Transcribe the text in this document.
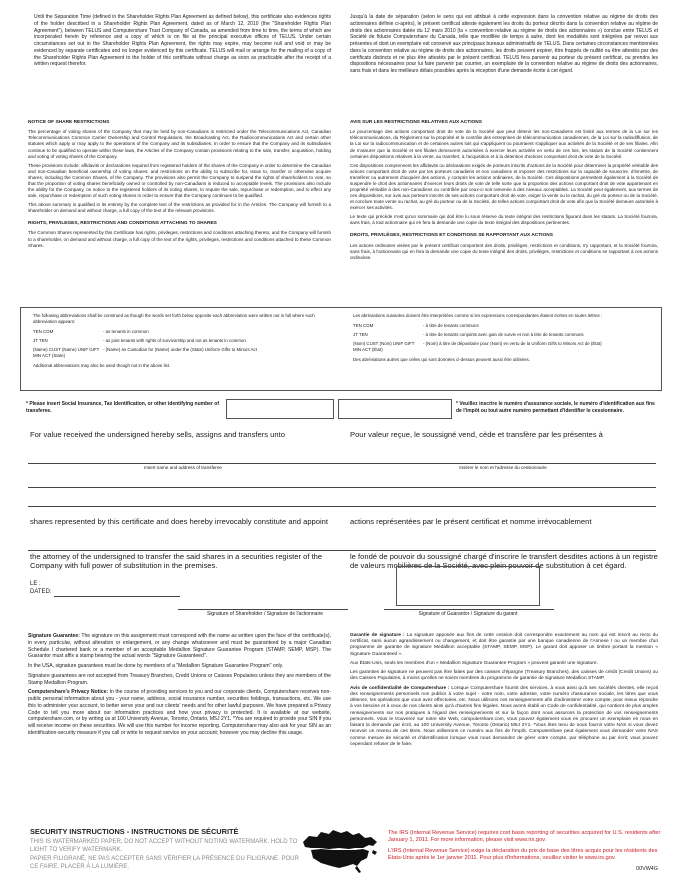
Until the Separation Time (defined in the Shareholder Rights Plan Agreement as defined below), this certificate also evidences rights of the holder described in a Shareholder Rights Plan Agreement, dated as of March 12, 2010 (the "Shareholder Rights Plan Agreement"), between TELUS and Computershare Trust Company of Canada, as amended from time to time, the terms of which are incorporated herein by reference and a copy of which is on file at the principal executive offices of TELUS. Under certain circumstances set out in the Shareholder Rights Plan Agreement, the rights may expire, may become null and void or may be evidenced by separate certificates and no longer evidenced by this certificate. TELUS will mail or arrange for the mailing of a copy of the Shareholder Rights Plan Agreement to the holder of this certificate without charge as soon as practicable after the receipt of a written request therefor.

Jusqu'à la date de séparation (selon le sens qui est attribué à cette expression dans la convention relative au régime de droits des actionnaires définie ci-après), le présent certificat atteste également les droits du porteur décrits dans la convention relative au régime de droits des actionnaires datée du 12 mars 2010 (la « convention relative au régime de droits des actionnaires ») conclue entre TELUS et Société de fiducie Computershare du Canada, telle que modifiée de temps à autre, dont les modalités sont intégrées par renvoi aux présentes et dont un exemplaire est conservé aux principaux bureaux administratifs de TELUS. Dans certaines circonstances mentionnées dans la convention relative au régime de droits des actionnaires, les droits peuvent expirer, être frappés de nullité ou être attestés par des certificats distincts et ne plus être attestés par le présent certificat. TELUS fera parvenir au porteur du présent certificat, ou prendra les dispositions nécessaires pour lui faire parvenir par courrier, un exemplaire de la convention relative au régime de droits des actionnaires, sans frais et dans les meilleurs délais possibles après la réception d'une demande écrite à cet égard.

NOTICE OF SHARE RESTRICTIONS

The percentage of voting shares of the Company that may be held by non-Canadians is restricted under the Telecommunications Act, Canadian Telecommunications Common Carrier Ownership and Control Regulations, the Broadcasting Act, the Radiocommunications Act and certain other statutes which apply or may apply to the operations of the Company and its subsidiaries. In order to ensure that the Company and its subsidiaries continue to be qualified to operate within these laws, the Articles of the Company contain provisions relating to the sale, transfer, acquisition, holding and voting of voting shares of the Company.

These provisions include: affidavits or declarations required from registered holders of the shares of the Company in order to determine the Canadian and non-Canadian beneficial ownership of voting shares; and restrictions on the ability to subscribe for, issue to, transfer or otherwise acquire shares, including the Common Shares, of the Company. The provisions also permit the Company to suspend the rights of shareholders to vote, so that the proportion of voting shares beneficially owned or controlled by non-Canadians is reduced to acceptable levels. The provisions also include the ability for the Company, on notice to the registered holders of its voting shares, to require the sale, repurchase or redemption, and to effect any sale, repurchase or redemption of such voting shares in order to ensure that the Company continues to be qualified.

This above summary is qualified in its entirety by the complete text of the restrictions as provided for in the Articles. The Company will furnish to a shareholder on demand and without charge, a full copy of the text of the relevant provisions.

RIGHTS, PRIVILEGES, RESTRICTIONS AND CONDITIONS ATTACHING TO SHARES

The Common Shares represented by this Certificate has rights, privileges, restrictions and conditions attaching thereto, and the Company will furnish to a shareholder, on demand and without charge, a full copy of the text of the rights, privileges, restrictions and conditions attached to these Common Shares.

AVIS SUR LES RESTRICTIONS RELATIVES AUX ACTIONS

Le pourcentage des actions comportant droit de vote de la Société que peut détenir les non-Canadiens est limité aux termes de la Loi sur les télécommunications, du Règlement sur la propriété et le contrôle des entreprises de télécommunication canadiennes, de la Loi sur la radiodiffusion, de la Loi sur la radiocommunication et de certaines autres lois qui s'appliquent ou pourraient s'appliquer aux activités de la Société et de ses filiales. Afin de s'assurer que la Société et ses filiales demeurent autorisées à exercer leurs activités en vertu de ces lois, les statuts de la Société contiennent certaines dispositions relatives à la vente, au transfert, à l'acquisition et à la détention d'actions comportant droit de vote de la Société.

Ces dispositions comprennent les affidavits ou déclarations exigés de porteurs inscrits d'actions de la Société pour déterminer la propriété véritable des actions comportant droit de vote par les porteurs canadiens et non canadiens et imposer des restrictions sur la capacité de souscrire, d'émettre, de transférer ou autrement d'acquérir des actions, y compris les actions ordinaires, de la Société. Ces dispositions permettent également à la Société de suspendre le droit des actionnaires d'exercer leurs droits de vote de telle sorte que la proportion des actions comportant droit de vote appartenant en propriété véritable à des non-Canadiens ou contrôlée par ceux-ci soit ramenée à des niveaux acceptables. La Société peut également, aux termes de ces dispositions, sur avis aux porteurs inscrits de ses actions comportant droit de vote, exiger la vente ou le rachat, du gré du porteur ou de la Société, et conclure toute vente ou rachat, au gré du porteur ou de la Société, de telles actions comportant droit de vote afin que la Société demeure autorisée à exercer ses activités.

Le texte qui précède n'est qu'un sommaire qui doit être lu sous réserve du texte intégral des restrictions figurant dans les statuts. La Société fournira, sans frais, à tout actionnaire qui en fera la demande une copie du texte intégral des dispositions pertinentes.

DROITS, PRIVILÈGES, RESTRICTIONS ET CONDITIONS SE RAPPORTANT AUX ACTIONS

Les actions ordinaires visées par le présent certificat comportent des droits, privilèges, restrictions et conditions, s'y rapportant, et la Société fournira, sans frais, à l'actionnaire qui en fera la demande une copie du texte intégral des droits, privilèges, restrictions et conditions se rapportant à ces actions ordinaires.

The following abbreviations shall be construed as though the words set forth below opposite each abbreviation were written out in full where such abbreviation appears:

TEN COM	- as tenants in common
JT TEN	- as joint tenants with rights of survivorship and not as tenants in common
(Name) CUST (Name) UNIF GIFT MIN ACT (State)
- (Name) as Custodian for (Name) under the (State) Uniform Gifts to Minors Act

Additional abbreviations may also be used though not in the above list.

Les abréviations suivantes doivent être interprétées comme si les expressions correspondantes étaient écrites en toutes lettres :

TEN COM	- à titre de tenants communs
JT TEN	- à titre de tenants conjoints avec gain de survie et non à titre de tenants communs
(Nom) CUST (Nom) UNIF GIFT MIN ACT (État)
- (Nom) à titre de dépositaire pour (Nom) en vertu de la Uniform Gifts to Minors Act de (État)

Des abréviations autres que celles qui sont données ci-dessus peuvent aussi être utilisées.

* Please insert Social Insurance, Tax Identification, or other identifying number of transferee.
* Veuillez inscrire le numéro d'assurance sociale, le numéro d'identification aux fins de l'impôt ou tout autre numéro permettant d'identifier le cessionnaire.
For value received the undersigned hereby sells, assigns and transfers unto	Pour valeur reçue, le soussigné vend, cède et transfère par les présentes à
Insert name and address of transferee	Insérer le nom et l'adresse du cessionnaire
shares represented by this certificate and does hereby irrevocably constitute and appoint	actions représentées par le présent certificat et nomme irrévocablement
the attorney of the undersigned to transfer the said shares in a securities register of the Company with full power of substitution in the premises.
le fondé de pouvoir du soussigné chargé d'inscrire le transfert desdites actions à un registre de valeurs mobilières de la Société, avec plein pouvoir de substitution à cet égard.
LE :
DATED:
Signature of Shareholder / Signature de l'actionnaire	Signature of Guarantor / Signature du garant

Signature Guarantee: The signature on this assignment must correspond with the name as written upon the face of the certificate(s), in every particular, without alteration or enlargement, or any change whatsoever and must be guaranteed by a major Canadian Schedule I chartered bank or a member of an acceptable Medallion Signature Guarantee Program (STAMP, SEMP, MSP). The Guarantor must affix a stamp bearing the actual words "Signature Guaranteed".

In the USA, signature guarantees must be done by members of a "Medallion Signature Guarantee Program" only.

Signature guarantees are not accepted from Treasury Branches, Credit Unions or Caisses Populaires unless they are members of the Stamp Medallion Program.

Computershare's Privacy Notice: In the course of providing services to you and our corporate clients, Computershare receives non-public personal information about you - your name, address, social insurance number, securities holdings, transactions, etc. We use this to administer your account, to better serve your and our clients' needs and for other lawful purposes. We have prepared a Privacy Code to tell you more about our information practices and how your privacy is protected. It is available at our website, computershare.com, or by writing us at 100 University Avenue, Toronto, Ontario, M5J 2Y1. *You are required to provide your SIN if you will receive income on these securities. We will use this number for income reporting. Computershare may also ask for your SIN as an identification-security measure if you call or write to request service on your account; however you may decline this usage.

Garantie de signature : La signature apposée aux fins de cette cession doit correspondre exactement au nom qui est inscrit au recto du certificat, sans aucun agrandissement ou changement, et doit être garantie par une banque canadienne de l'Annexe I ou un membre d'un programme de garantie de signature Medallion acceptable (STAMP, SEMP, MSP). Le garant doit apposer un timbre portant la mention « Signature Guaranteed ».

Aux États-Unis, seuls les membres d'un « Medallion Signature Guarantee Program » peuvent garantir une signature.

Les garanties de signature ne peuvent pas être faites par des caisses d'épargne (Treasury Branches), des caisses de crédit (Credit Unions) ou des Caisses Populaires, à moins qu'elles ne soient membres du programme de garantie de signature Medallion STAMP.

Avis de confidentialité de Computershare : Lorsque Computershare fournit des services, à vous ainsi qu'à ses sociétés clientes, elle reçoit des renseignements personnels non publics à votre sujet - votre nom, votre adresse, votre numéro d'assurance sociale, les titres que vous détenez, les opérations que vous avez effectuées, etc. Nous utilisons ces renseignements afin d'administrer votre compte, pour mieux répondre à vos besoins et à ceux de nos clients ainsi qu'à d'autres fins légales. Nous avons établi un Code de confidentialité, qui contient de plus amples renseignements sur nos pratiques à l'égard des renseignements et sur la façon dont nous assurons la protection de vos renseignements personnels. Vous le trouverez sur notre site Web, computershare.com, vous pouvez également vous en procurer un exemplaire en nous en faisant la demande par écrit, au 100 University Avenue, Toronto (Ontario) M5J 2Y1. *Vous êtes tenu de nous fournir votre NAS si vous devez recevoir un revenu de ces titres. Nous utiliserons ce numéro aux fins de l'impôt. Computershare peut également vous demander votre NAS comme mesure de sécurité et d'identification lorsque vous nous demandez de gérer votre compte, par téléphone ou par écrit; vous pouvez cependant refuser de le faire.

SECURITY INSTRUCTIONS - INSTRUCTIONS DE SÉCURITÉ
THIS IS WATERMARKED PAPER, DO NOT ACCEPT WITHOUT NOTING WATERMARK. HOLD TO LIGHT TO VERIFY WATERMARK.
PAPIER FILIGRANÉ, NE PAS ACCEPTER SANS VÉRIFIER LA PRÉSENCE DU FILIGRANE. POUR CE FAIRE, PLACER À LA LUMIÈRE.

The IRS (Internal Revenue Service) requires cost basis reporting of securities acquired for U.S. residents after January 1, 2011. For more information, please visit www.irs.gov.

L'IRS (Internal Revenue Service) exige la déclaration du prix de base des titres acquis pour les résidents des États-Unis après le 1er janvier 2011. Pour plus d'informations, veuillez visiter le www.irs.gov.

00VW4G
